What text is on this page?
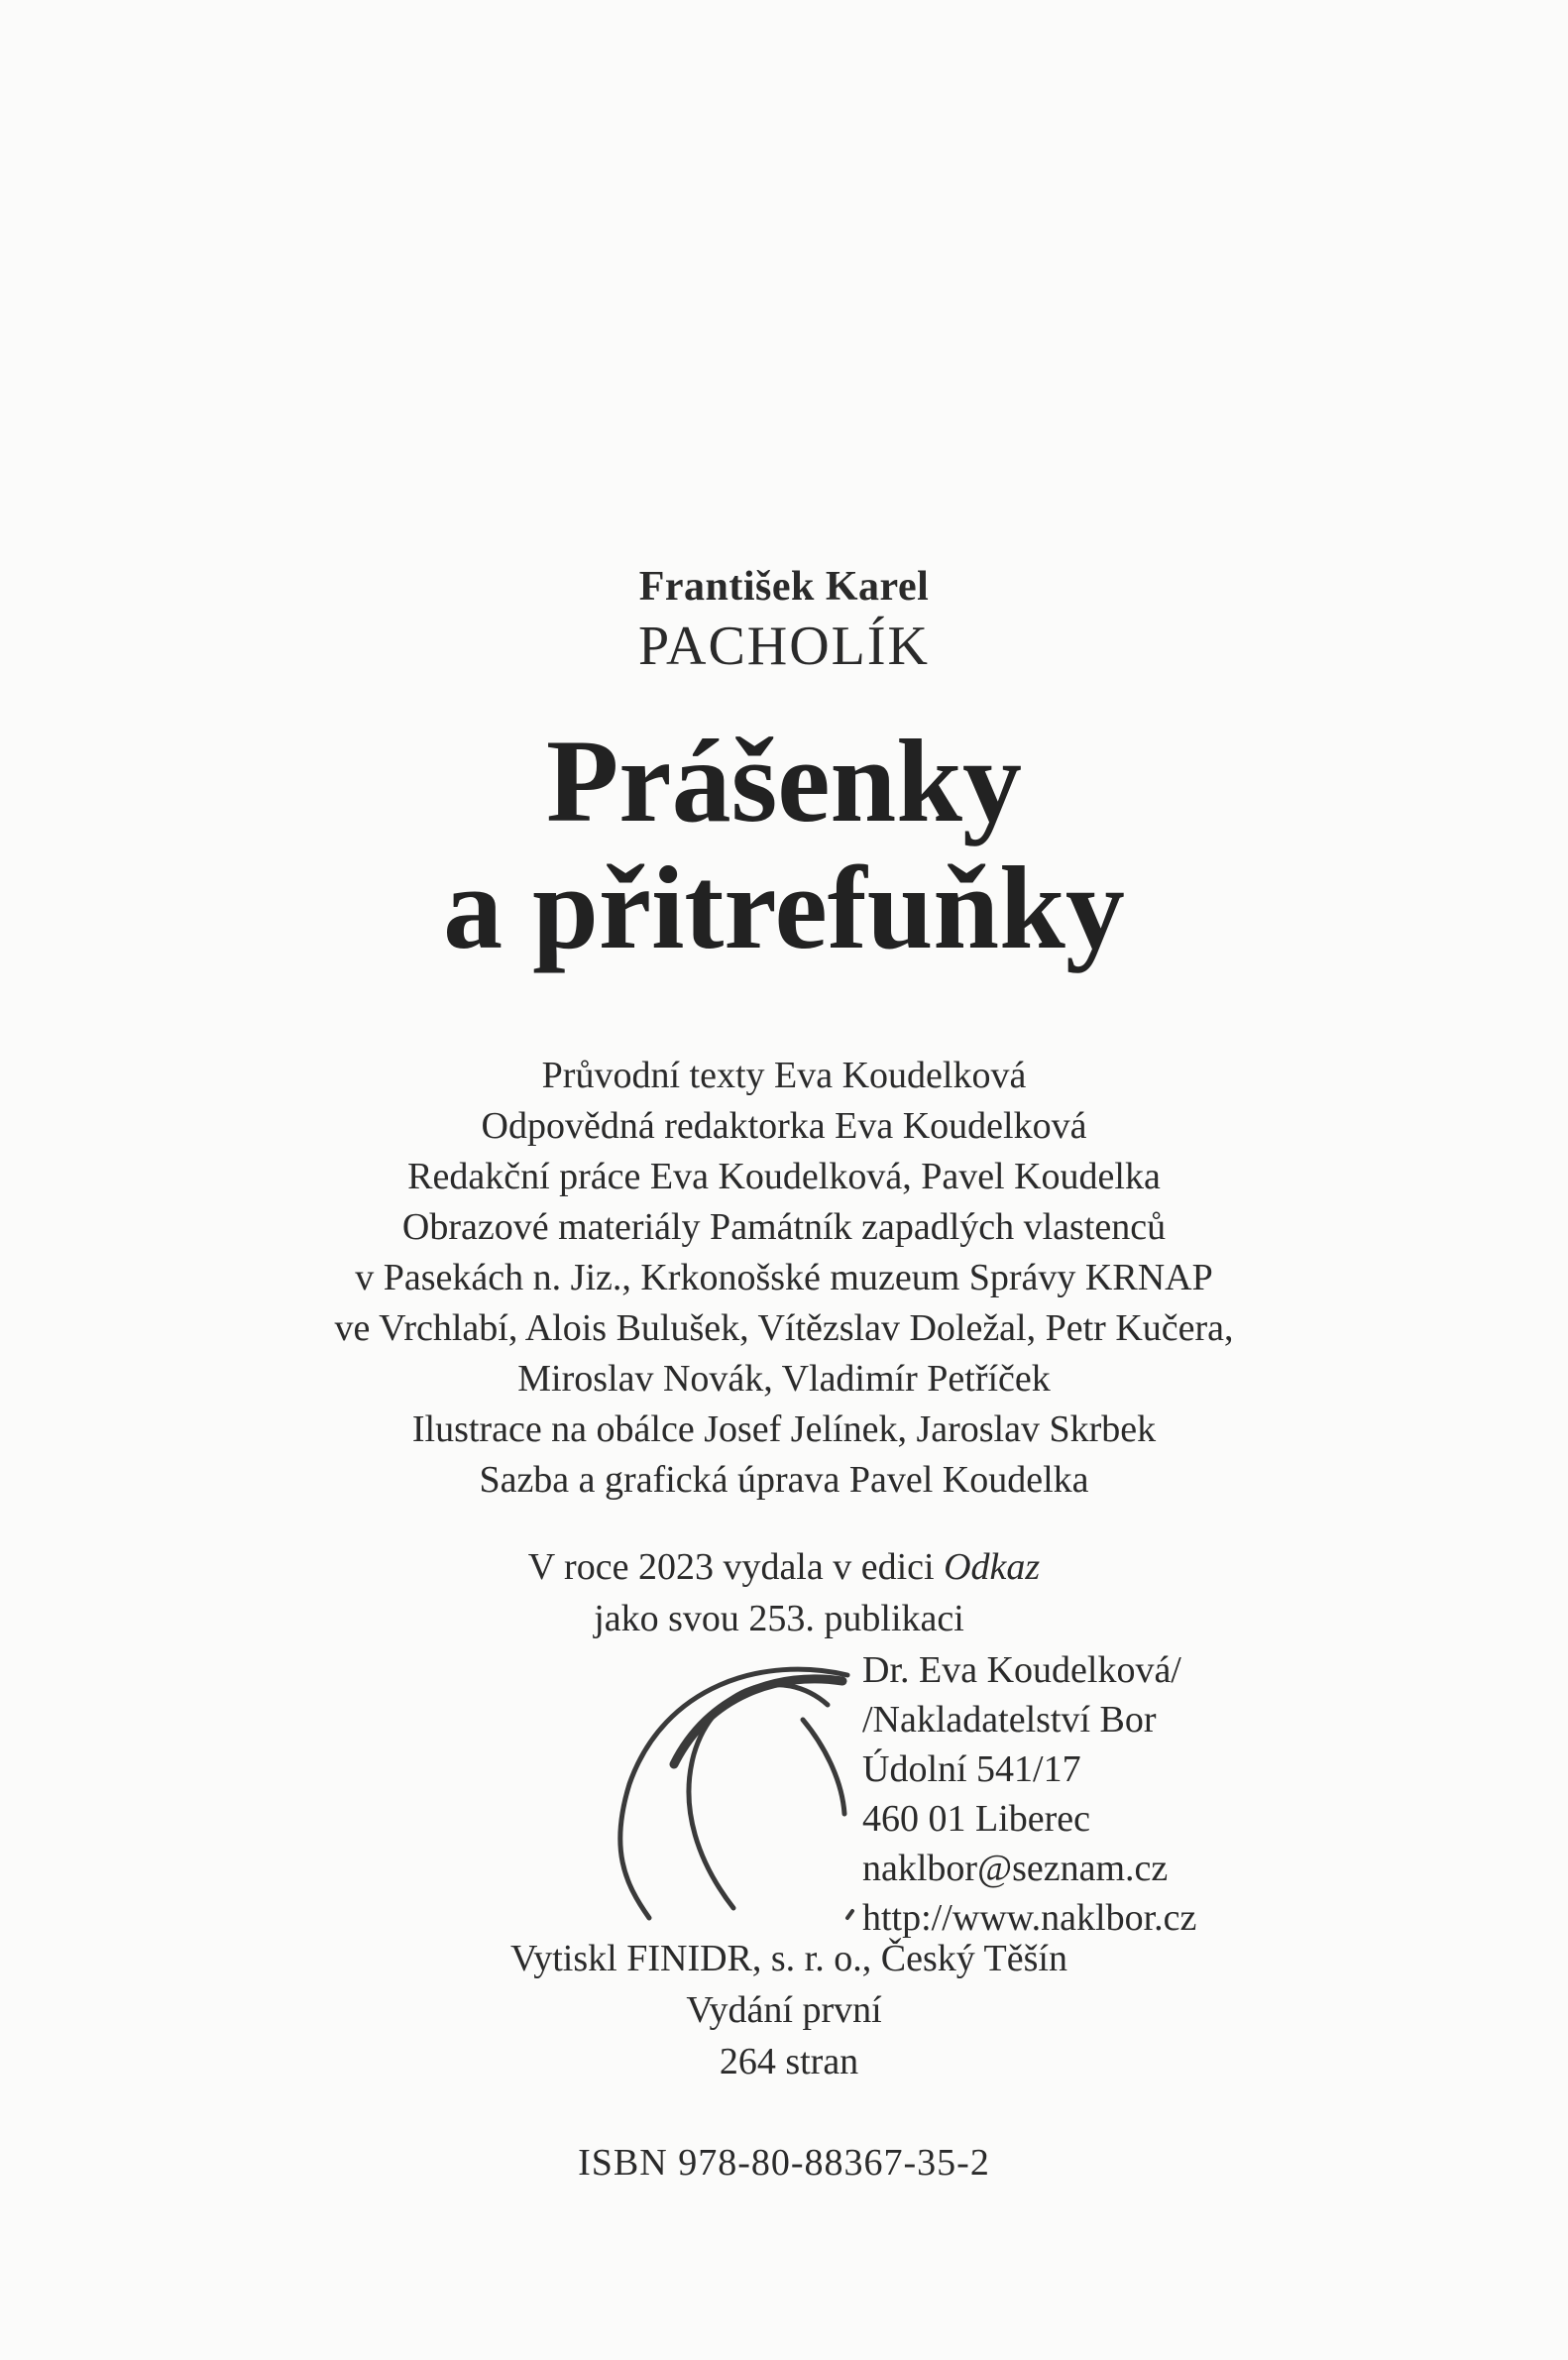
František Karel
PACHOLÍK
Prášenky
a přitrefuňky
Průvodní texty Eva Koudelková
Odpovědná redaktorka Eva Koudelková
Redakční práce Eva Koudelková, Pavel Koudelka
Obrazové materiály Památník zapadlých vlastenců
v Pasekách n. Jiz., Krkonošské muzeum Správy KRNAP
ve Vrchlabí, Alois Bulušek, Vítězslav Doležal, Petr Kučera,
Miroslav Novák, Vladimír Petříček
Ilustrace na obálce Josef Jelínek, Jaroslav Skrbek
Sazba a grafická úprava Pavel Koudelka
V roce 2023 vydala v edici Odkaz
jako svou 253. publikaci
Dr. Eva Koudelková/
/Nakladatelství Bor
Údolní 541/17
460 01 Liberec
naklbor@seznam.cz
http://www.naklbor.cz
Vytiskl FINIDR, s. r. o., Český Těšín
Vydání první
264 stran
ISBN 978-80-88367-35-2
